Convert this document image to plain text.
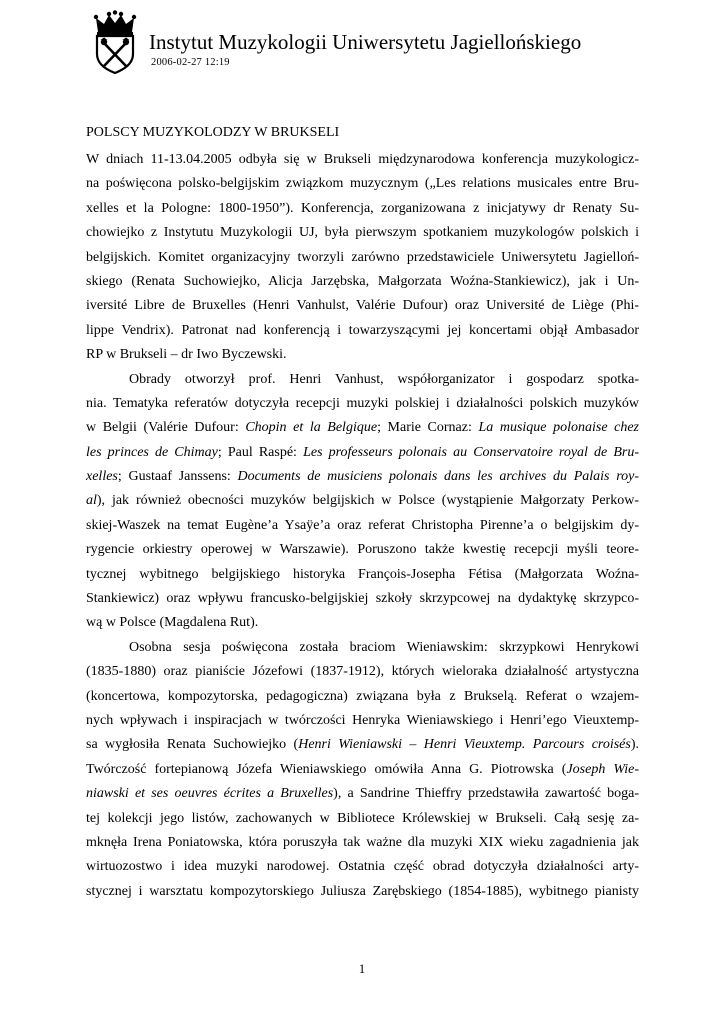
Instytut Muzykologii Uniwersytetu Jagiellońskiego
2006-02-27 12:19
POLSCY MUZYKOLODZY W BRUKSELI
W dniach 11-13.04.2005 odbyła się w Brukseli międzynarodowa konferencja muzykologicz-
na poświęcona polsko-belgijskim związkom muzycznym („Les relations musicales entre Bru-
xelles et la Pologne: 1800-1950”). Konferencja, zorganizowana z inicjatywy dr Renaty Su-
chowiejko z Instytutu Muzykologii UJ, była pierwszym spotkaniem muzykologów polskich i
belgijskich. Komitet organizacyjny tworzyli zarówno przedstawiciele Uniwersytetu Jagielloń-
skiego (Renata Suchowiejko, Alicja Jarzębska, Małgorzata Woźna-Stankiewicz), jak i Un-
iversité Libre de Bruxelles (Henri Vanhulst, Valérie Dufour) oraz Université de Liège (Phi-
lippe Vendrix). Patronat nad konferencją i towarzyszącymi jej koncertami objął Ambasador
RP w Brukseli – dr Iwo Byczewski.
Obrady otworzył prof. Henri Vanhust, współorganizator i gospodarz spotka-
nia. Tematyka referatów dotyczyła recepcji muzyki polskiej i działalności polskich muzyków
w Belgii (Valérie Dufour: Chopin et la Belgique; Marie Cornaz: La musique polonaise chez
les princes de Chimay; Paul Raspé: Les professeurs polonais au Conservatoire royal de Bru-
xelles; Gustaaf Janssens: Documents de musiciens polonais dans les archives du Palais roy-
al), jak również obecności muzyków belgijskich w Polsce (wystąpienie Małgorzaty Perkow-
skiej-Waszek na temat Eugène’a Ysaÿe’a oraz referat Christopha Pirenne’a o belgijskim dy-
rygencie orkiestry operowej w Warszawie). Poruszono także kwestię recepcji myśli teore-
tycznej wybitnego belgijskiego historyka François-Josepha Fétisa (Małgorzata Woźna-
Stankiewicz) oraz wpływu francusko-belgijskiej szkoły skrzypcowej na dydaktykę skrzypco-
wą w Polsce (Magdalena Rut).
Osobna sesja poświęcona została braciom Wieniawskim: skrzypkowi Henrykowi
(1835-1880) oraz pianiście Józefowi (1837-1912), których wieloraka działalność artystyczna
(koncertowa, kompozytorska, pedagogiczna) związana była z Brukselą. Referat o wzajem-
nych wpływach i inspiracjach w twórczości Henryka Wieniawskiego i Henri’ego Vieuxtemp-
sa wygłosiła Renata Suchowiejko (Henri Wieniawski – Henri Vieuxtemp. Parcours croisés).
Twórczość fortepianową Józefa Wieniawskiego omówiła Anna G. Piotrowska (Joseph Wie-
niawski et ses oeuvres écrites a Bruxelles), a Sandrine Thieffry przedstawiła zawartość boga-
tej kolekcji jego listów, zachowanych w Bibliotece Królewskiej w Brukseli. Całą sesję za-
mknęła Irena Poniatowska, która poruszyła tak ważne dla muzyki XIX wieku zagadnienia jak
wirtuozostwo i idea muzyki narodowej. Ostatnia część obrad dotyczyła działalności arty-
stycznej i warsztatu kompozytorskiego Juliusza Zarębskiego (1854-1885), wybitnego pianisty
1
